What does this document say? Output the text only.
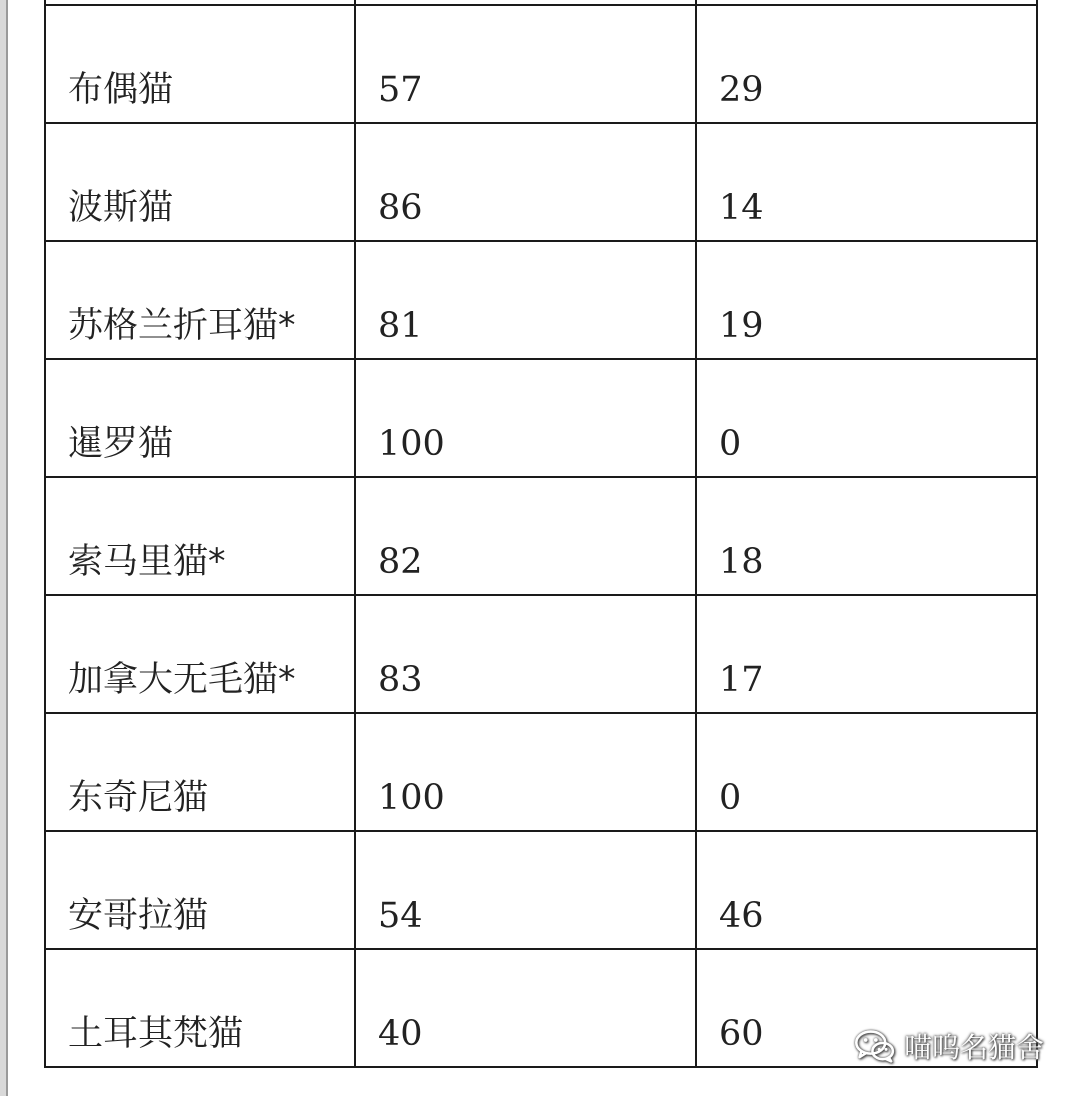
布偶猫	57	29

波斯猫	86	14

苏格兰折耳猫*	81	19

暹罗猫	100	0

索马里猫*	82	18

加拿大无毛猫*	83	17

东奇尼猫	100	0

安哥拉猫	54	46

土耳其梵猫	40	60	喵呜名猫舍
